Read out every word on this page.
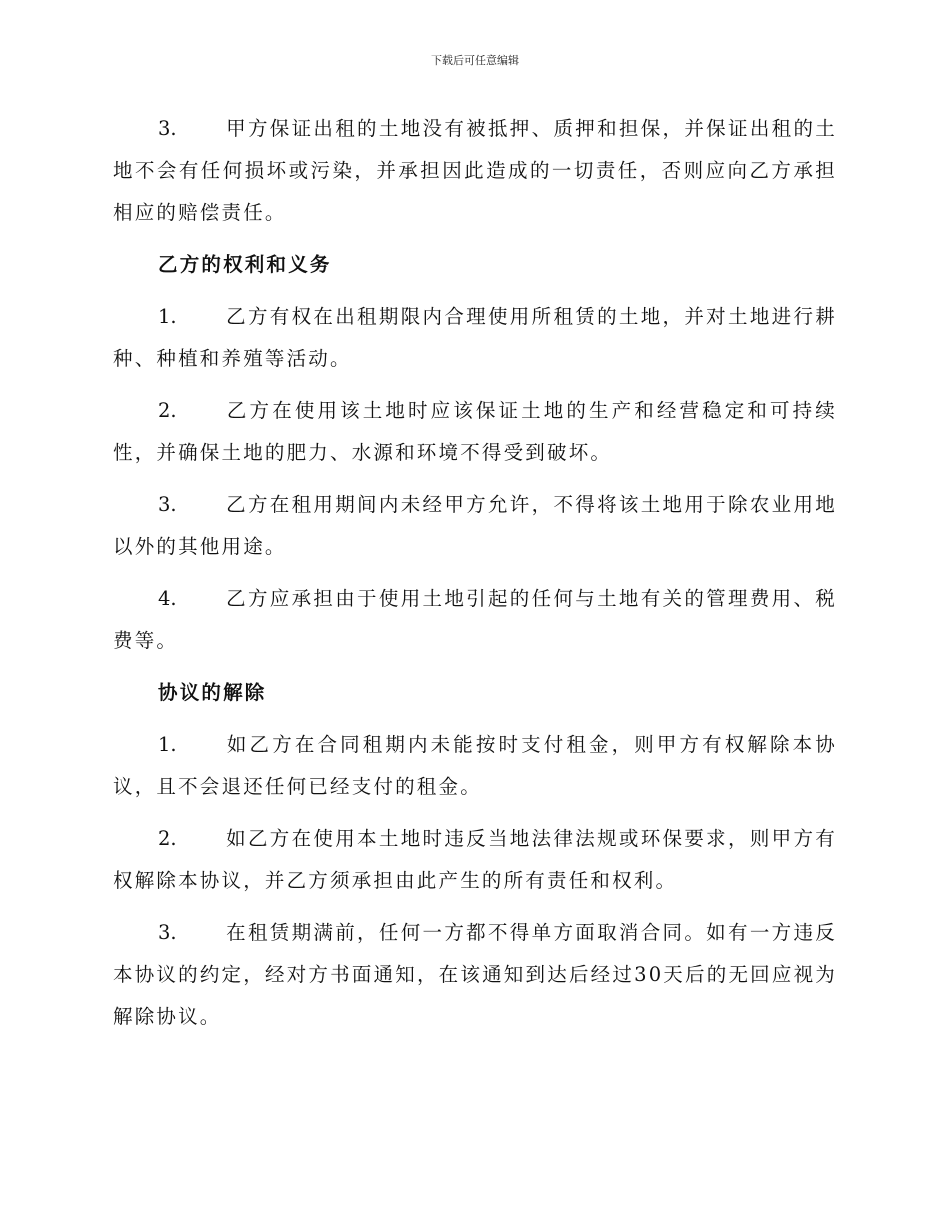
下载后可任意编辑

3.	甲方保证出租的土地没有被抵押、质押和担保，并保证出租的土地不会有任何损坏或污染，并承担因此造成的一切责任，否则应向乙方承担相应的赔偿责任。

乙方的权利和义务

1.	乙方有权在出租期限内合理使用所租赁的土地，并对土地进行耕种、种植和养殖等活动。

2.	乙方在使用该土地时应该保证土地的生产和经营稳定和可持续性，并确保土地的肥力、水源和环境不得受到破坏。

3.	乙方在租用期间内未经甲方允许，不得将该土地用于除农业用地以外的其他用途。

4.	乙方应承担由于使用土地引起的任何与土地有关的管理费用、税费等。

协议的解除

1.	如乙方在合同租期内未能按时支付租金，则甲方有权解除本协议，且不会退还任何已经支付的租金。

2.	如乙方在使用本土地时违反当地法律法规或环保要求，则甲方有权解除本协议，并乙方须承担由此产生的所有责任和权利。

3.	在租赁期满前，任何一方都不得单方面取消合同。如有一方违反本协议的约定，经对方书面通知，在该通知到达后经过30天后的无回应视为解除协议。
